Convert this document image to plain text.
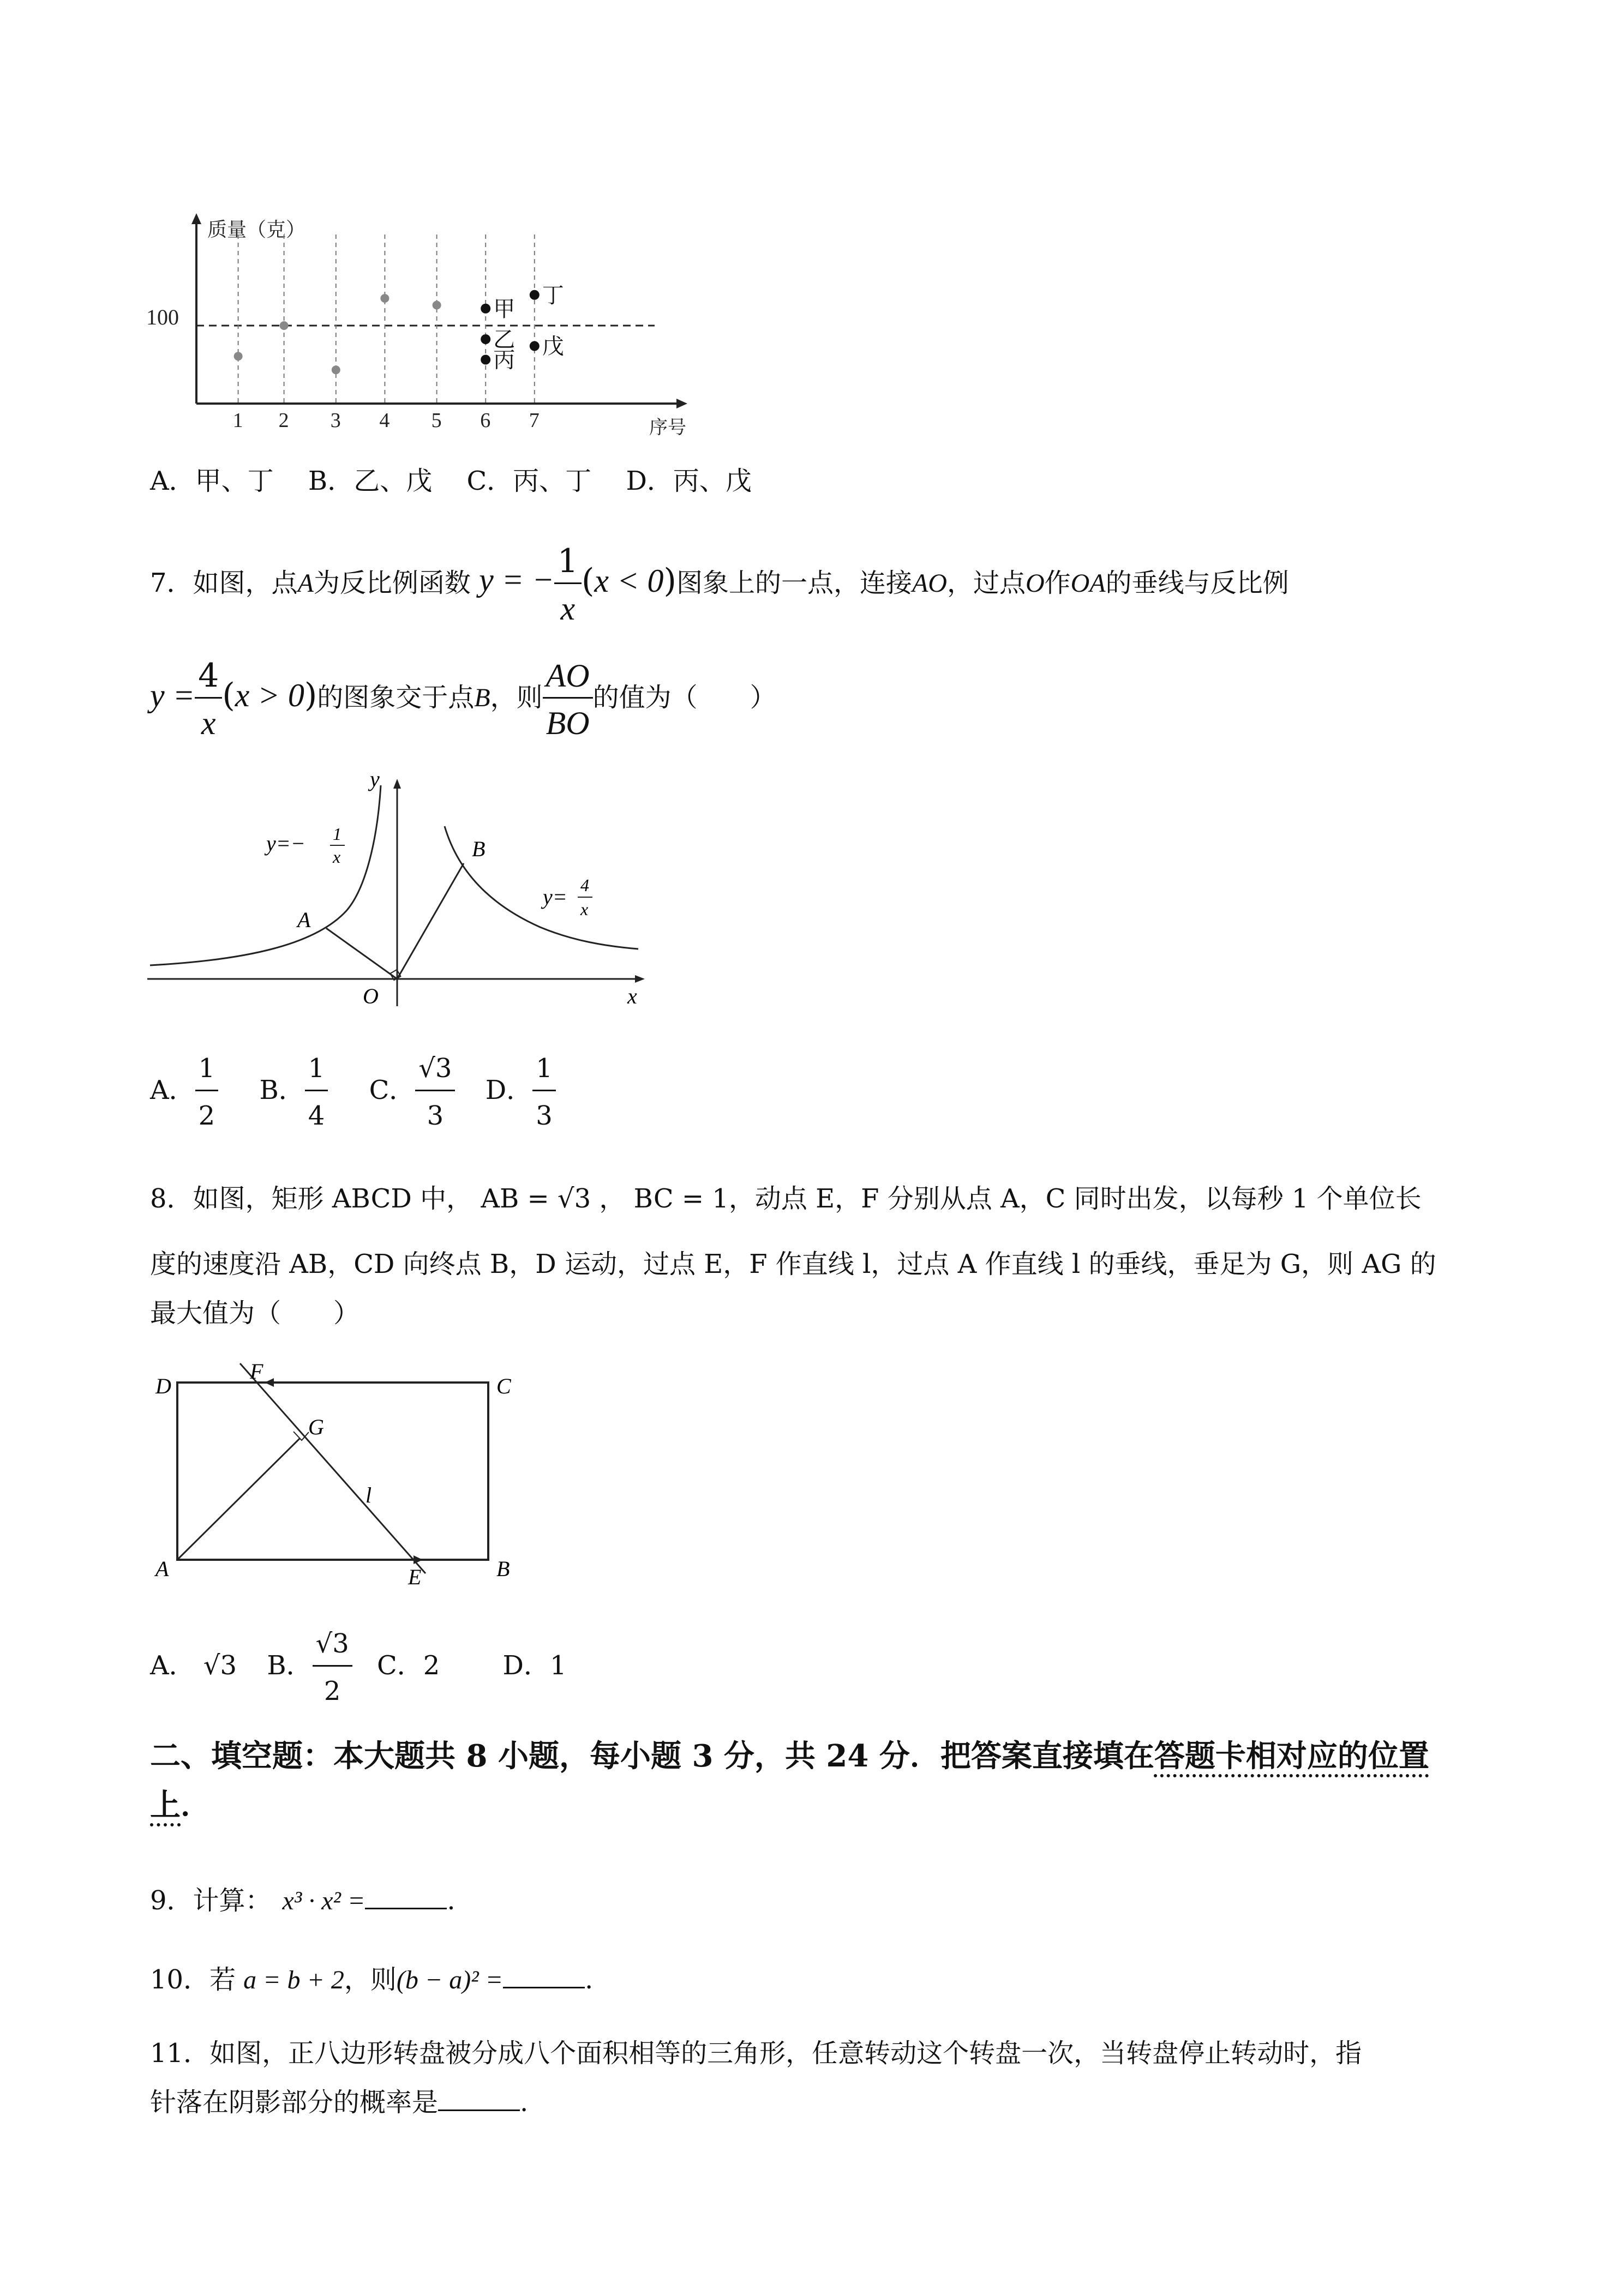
质量（克）
序号
100
1 2 3 4 5 6 7
甲
乙
丙
丁
戊
A．甲、丁　 B．乙、戊　 C．丙、丁　 D．丙、戊
7．如图，点A为反比例函数 y = − $\frac{1}{x} (x < 0)$图象上的一点，连接AO，过点O作OA的垂线与反比例
$y = \frac{4}{x} (x > 0)$的图象交于点B，则 $\frac{AO}{BO}$ 的值为（　　）
y
x
O
A
B
y=− 1
x
y= 4
x
A． $\frac{1}{2}$ B． $\frac{1}{4}$ C． $\frac{√3}{3}$ D． $\frac{1}{3}$
8．如图，矩形 ABCD 中， AB = √3 ， BC = 1，动点 E，F 分别从点 A，C 同时出发，以每秒 1 个单位长
度的速度沿 AB，CD 向终点 B，D 运动，过点 E，F 作直线 l，过点 A 作直线 l 的垂线，垂足为 G，则 AG 的
最大值为（　　）
D	C
A	B
E
F
G
l
A． √3 B． $\frac{√3}{2}$ C．2 D．1
二、填空题：本大题共 8 小题，每小题 3 分，共 24 分．把答案直接填在答题卡相对应的位置
上．
9．计算： x³ · x² =	.
10．若 a = b + 2，则(b − a)² =	.
11．如图，正八边形转盘被分成八个面积相等的三角形，任意转动这个转盘一次，当转盘停止转动时，指
针落在阴影部分的概率是	.
